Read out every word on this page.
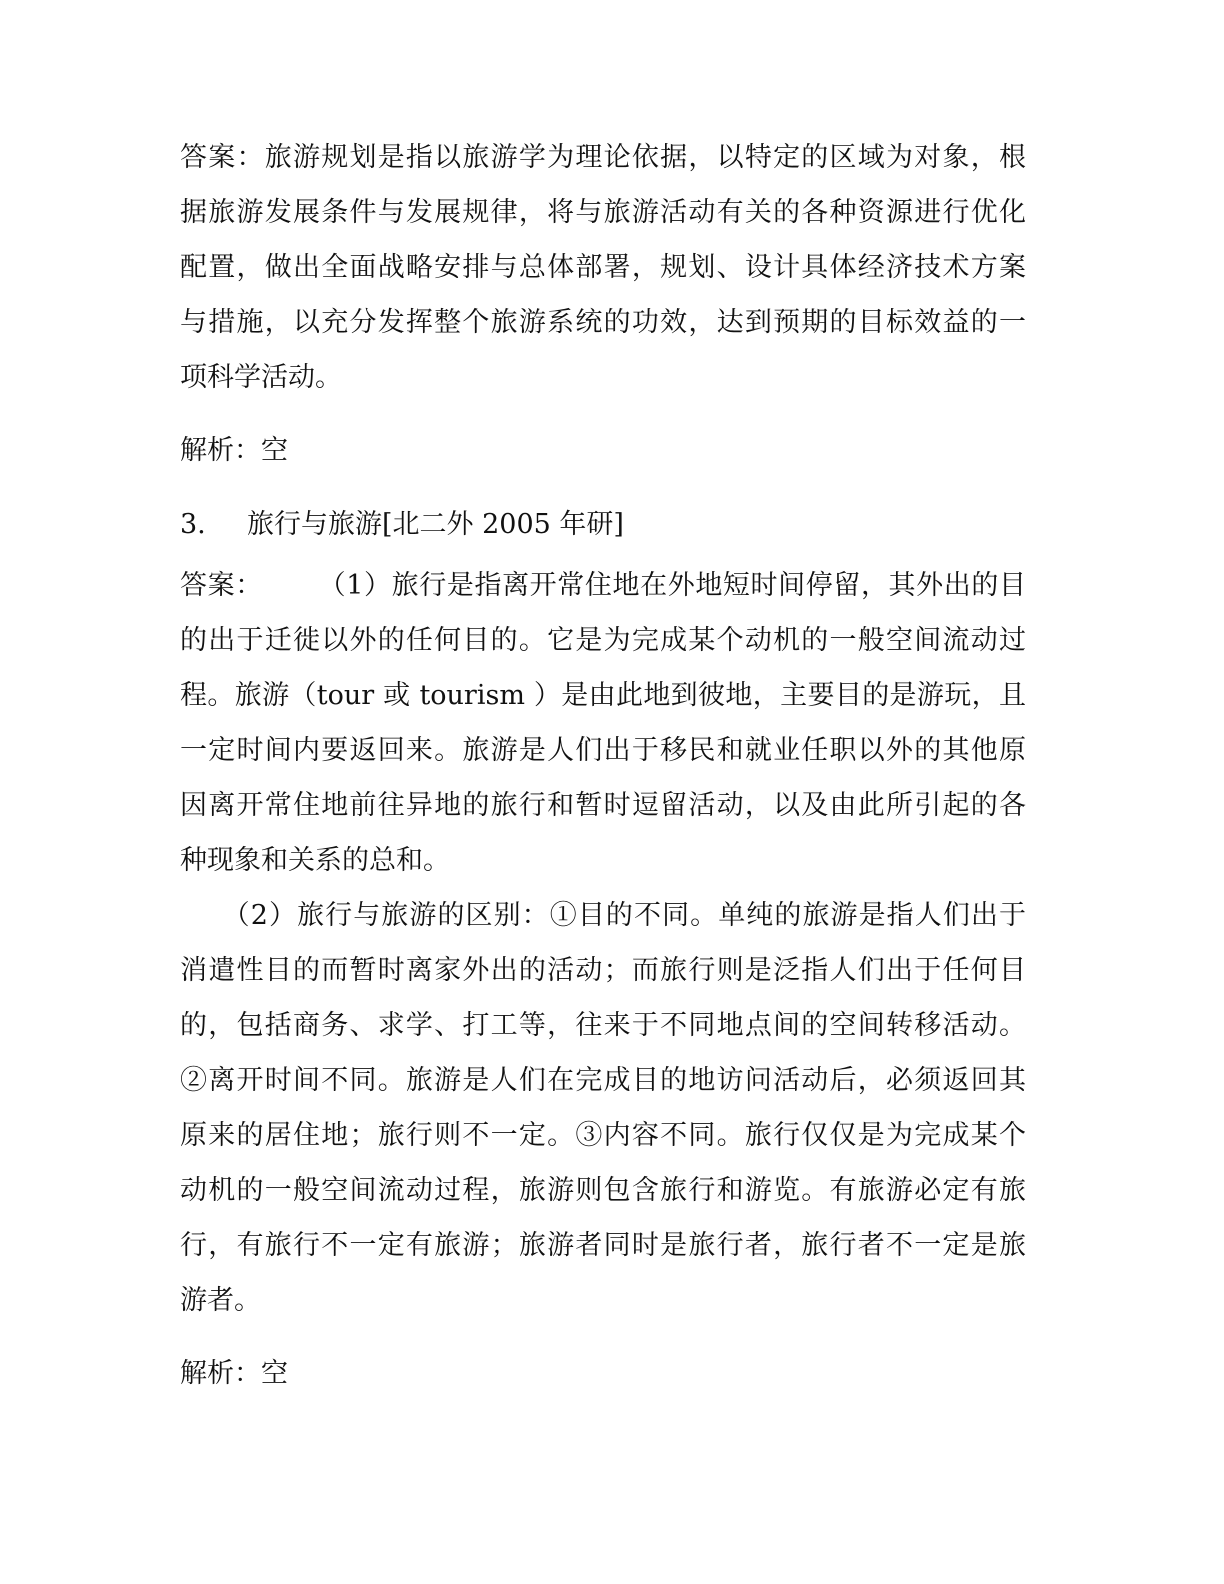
答案：旅游规划是指以旅游学为理论依据，以特定的区域为对象，根
据旅游发展条件与发展规律，将与旅游活动有关的各种资源进行优化
配置，做出全面战略安排与总体部署，规划、设计具体经济技术方案
与措施，以充分发挥整个旅游系统的功效，达到预期的目标效益的一
项科学活动。
解析：空
3. 旅行与旅游[北二外 2005 年研]
答案：　　　（1）旅行是指离开常住地在外地短时间停留，其外出的目
的出于迁徙以外的任何目的。它是为完成某个动机的一般空间流动过
程。旅游（tour 或 tourism ）是由此地到彼地，主要目的是游玩，且
一定时间内要返回来。旅游是人们出于移民和就业任职以外的其他原
因离开常住地前往异地的旅行和暂时逗留活动，以及由此所引起的各
种现象和关系的总和。
　　（2）旅行与旅游的区别：①目的不同。单纯的旅游是指人们出于
消遣性目的而暂时离家外出的活动；而旅行则是泛指人们出于任何目
的，包括商务、求学、打工等，往来于不同地点间的空间转移活动。
②离开时间不同。旅游是人们在完成目的地访问活动后，必须返回其
原来的居住地；旅行则不一定。③内容不同。旅行仅仅是为完成某个
动机的一般空间流动过程，旅游则包含旅行和游览。有旅游必定有旅
行，有旅行不一定有旅游；旅游者同时是旅行者，旅行者不一定是旅
游者。
解析：空
